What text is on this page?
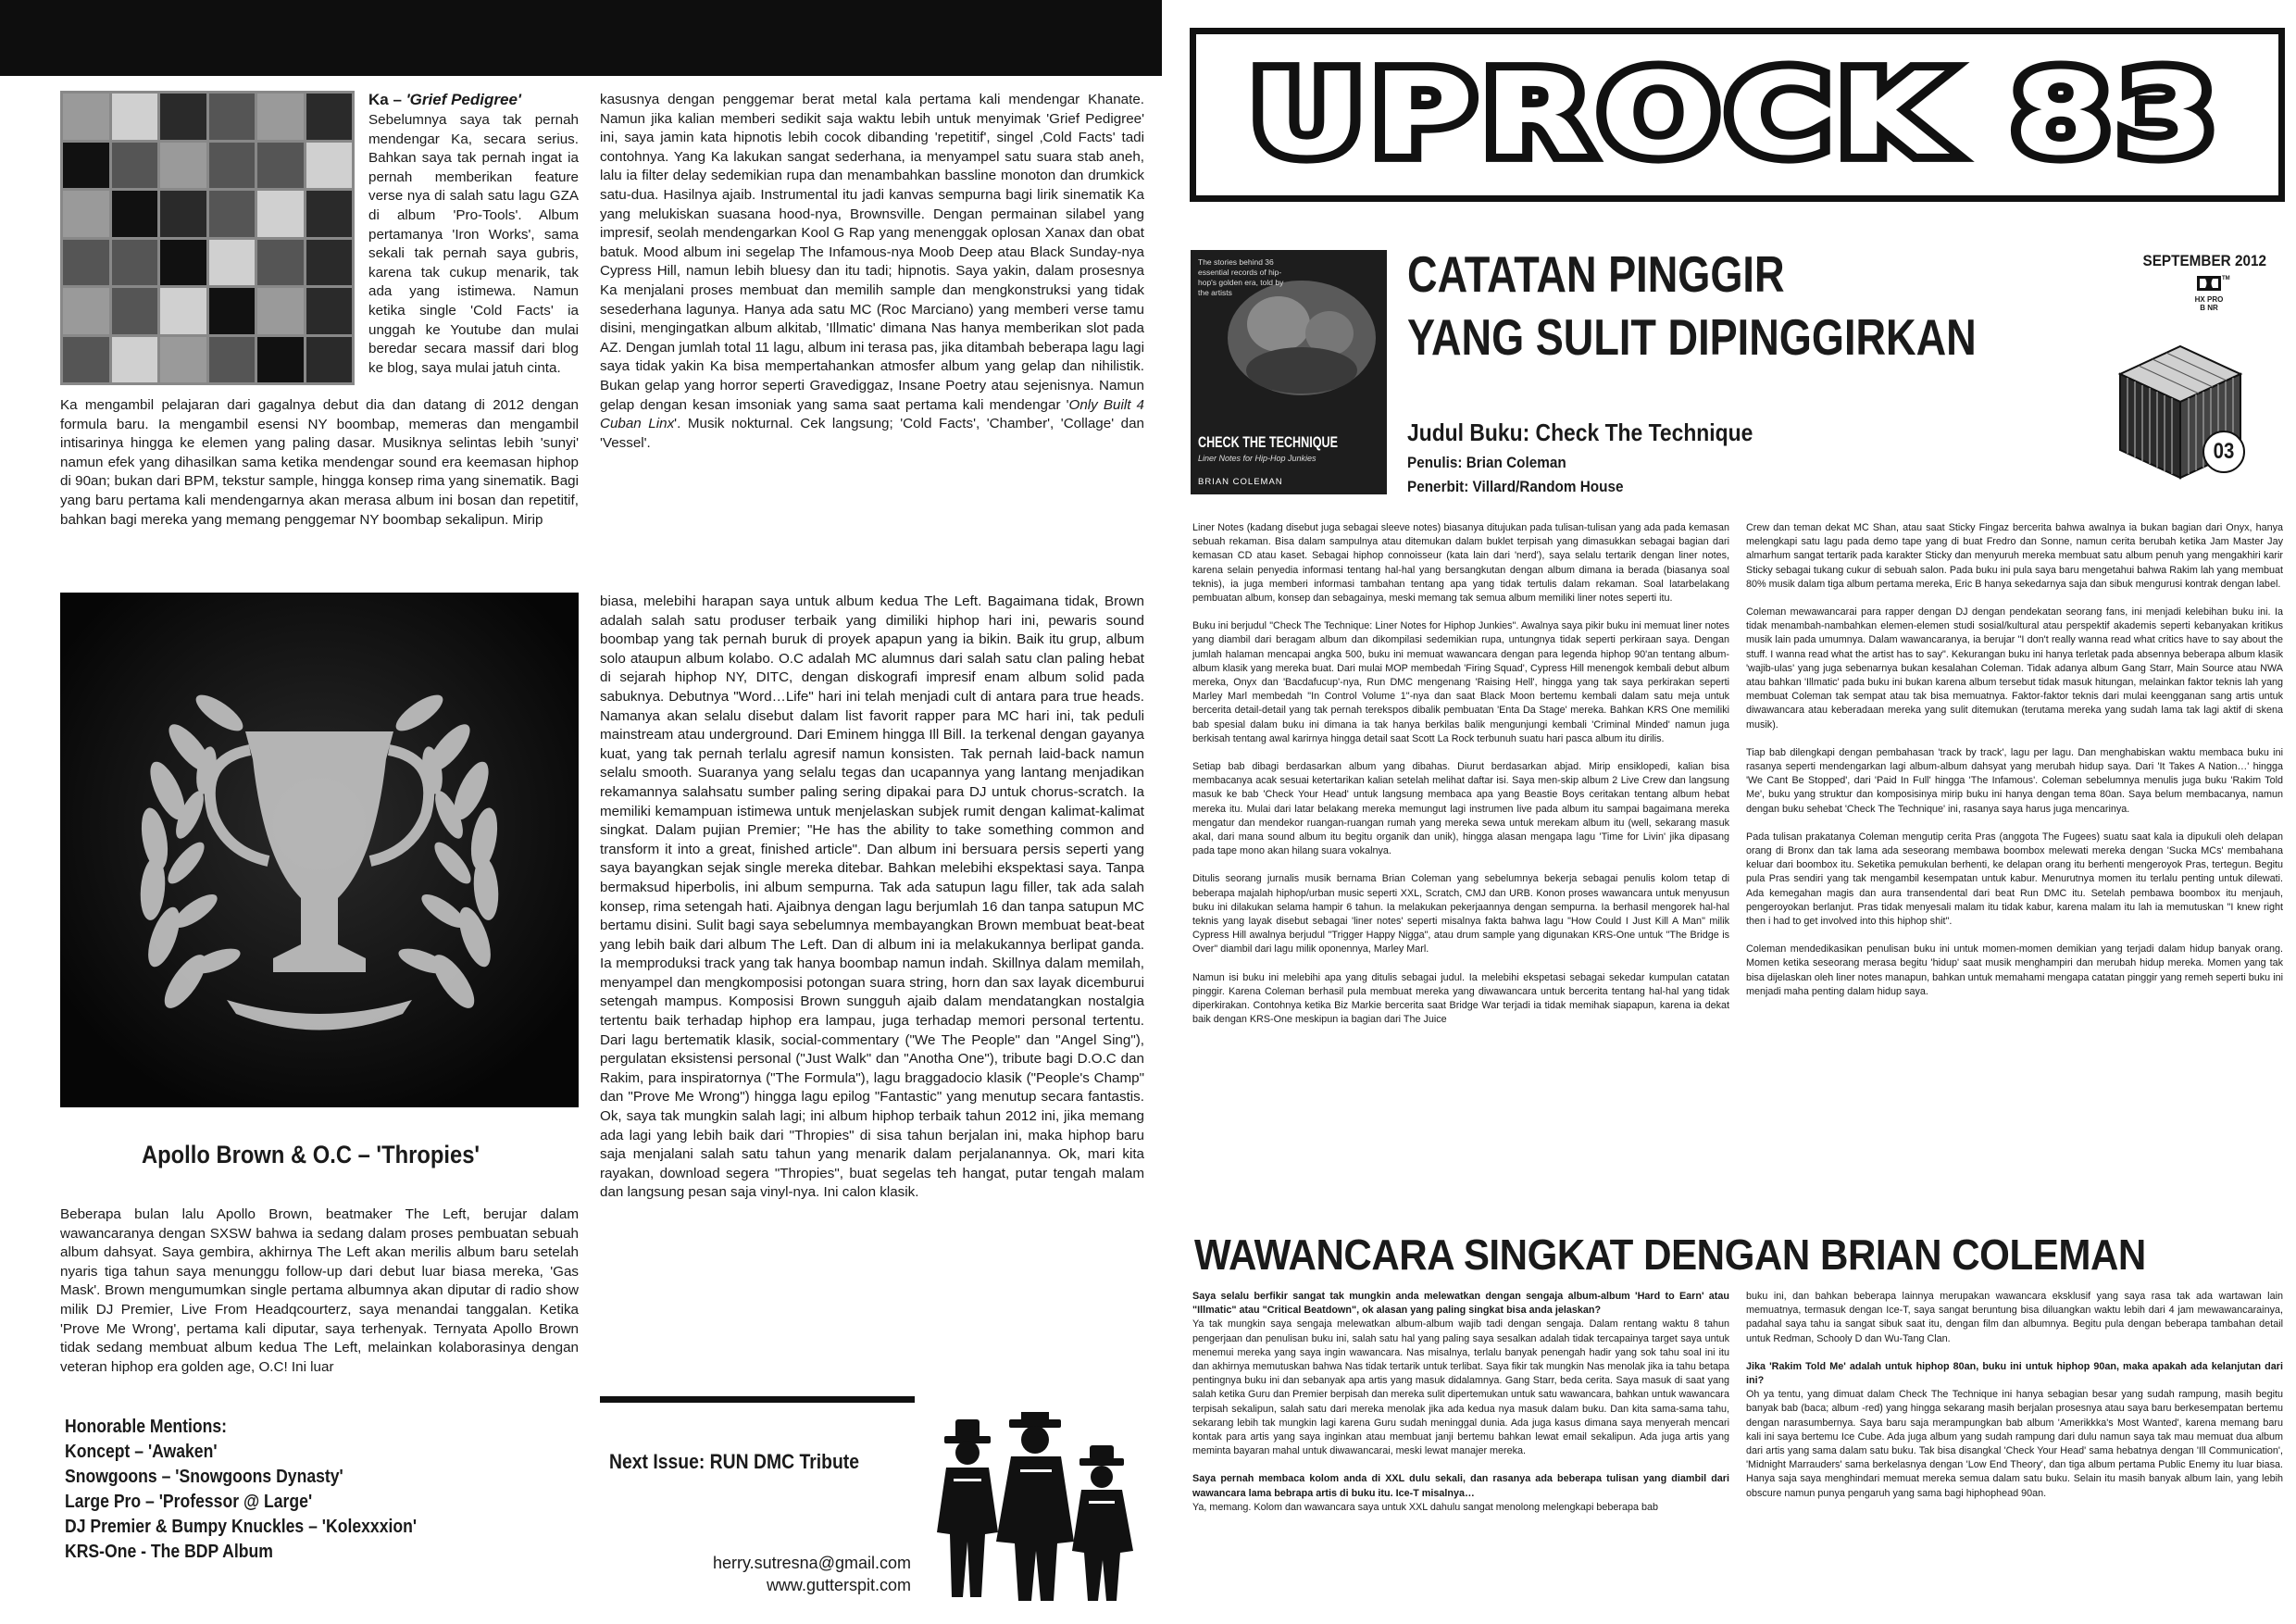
Ka – 'Grief Pedigree'

Sebelumnya saya tak pernah mendengar Ka, secara serius. Bahkan saya tak pernah ingat ia pernah memberikan feature verse nya di salah satu lagu GZA di album 'Pro-Tools'. Album pertamanya 'Iron Works', sama sekali tak pernah saya gubris, karena tak cukup menarik, tak ada yang istimewa. Namun ketika single 'Cold Facts' ia unggah ke Youtube dan mulai beredar secara massif dari blog ke blog, saya mulai jatuh cinta.

Ka mengambil pelajaran dari gagalnya debut dia dan datang di 2012 dengan formula baru. Ia mengambil esensi NY boombap, memeras dan mengambil intisarinya hingga ke elemen yang paling dasar. Musiknya selintas lebih 'sunyi' namun efek yang dihasilkan sama ketika mendengar sound era keemasan hiphop di 90an; bukan dari BPM, tekstur sample, hingga konsep rima yang sinematik. Bagi yang baru pertama kali mendengarnya akan merasa album ini bosan dan repetitif, bahkan bagi mereka yang memang penggemar NY boombap sekalipun. Mirip

kasusnya dengan penggemar berat metal kala pertama kali mendengar Khanate. Namun jika kalian memberi sedikit saja waktu lebih untuk menyimak 'Grief Pedigree' ini, saya jamin kata hipnotis lebih cocok dibanding 'repetitif', singel ‚Cold Facts' tadi contohnya. Yang Ka lakukan sangat sederhana, ia menyampel satu suara stab aneh, lalu ia filter delay sedemikian rupa dan menambahkan bassline monoton dan drumkick satu-dua. Hasilnya ajaib. Instrumental itu jadi kanvas sempurna bagi lirik sinematik Ka yang melukiskan suasana hood-nya, Brownsville. Dengan permainan silabel yang impresif, seolah mendengarkan Kool G Rap yang menenggak oplosan Xanax dan obat batuk. Mood album ini segelap The Infamous-nya Moob Deep atau Black Sunday-nya Cypress Hill, namun lebih bluesy dan itu tadi; hipnotis. Saya yakin, dalam prosesnya Ka menjalani proses membuat dan memilih sample dan mengkonstruksi yang tidak sesederhana lagunya. Hanya ada satu MC (Roc Marciano) yang memberi verse tamu disini, mengingatkan album alkitab, 'Illmatic' dimana Nas hanya memberikan slot pada AZ. Dengan jumlah total 11 lagu, album ini terasa pas, jika ditambah beberapa lagu lagi saya tidak yakin Ka bisa mempertahankan atmosfer album yang gelap dan nihilistik. Bukan gelap yang horror seperti Gravediggaz, Insane Poetry atau sejenisnya. Namun gelap dengan kesan imsoniak yang sama saat pertama kali mendengar 'Only Built 4 Cuban Linx'. Musik nokturnal. Cek langsung; 'Cold Facts', 'Chamber', 'Collage' dan 'Vessel'.

Apollo Brown & O.C – 'Thropies'

Beberapa bulan lalu Apollo Brown, beatmaker The Left, berujar dalam wawancaranya dengan SXSW bahwa ia sedang dalam proses pembuatan sebuah album dahsyat. Saya gembira, akhirnya The Left akan merilis album baru setelah nyaris tiga tahun saya menunggu follow-up dari debut luar biasa mereka, 'Gas Mask'. Brown mengumumkan single pertama albumnya akan diputar di radio show milik DJ Premier, Live From Headqcourterz, saya menandai tanggalan. Ketika 'Prove Me Wrong', pertama kali diputar, saya terhenyak. Ternyata Apollo Brown tidak sedang membuat album kedua The Left, melainkan kolaborasinya dengan veteran hiphop era golden age, O.C! Ini luar

biasa, melebihi harapan saya untuk album kedua The Left. Bagaimana tidak, Brown adalah salah satu produser terbaik yang dimiliki hiphop hari ini, pewaris sound boombap yang tak pernah buruk di proyek apapun yang ia bikin. Baik itu grup, album solo ataupun album kolabo. O.C adalah MC alumnus dari salah satu clan paling hebat di sejarah hiphop NY, DITC, dengan diskografi impresif enam album solid pada sabuknya. Debutnya "Word…Life" hari ini telah menjadi cult di antara para true heads. Namanya akan selalu disebut dalam list favorit rapper para MC hari ini, tak peduli mainstream atau underground. Dari Eminem hingga Ill Bill. Ia terkenal dengan gayanya kuat, yang tak pernah terlalu agresif namun konsisten. Tak pernah laid-back namun selalu smooth. Suaranya yang selalu tegas dan ucapannya yang lantang menjadikan rekamannya salahsatu sumber paling sering dipakai para DJ untuk chorus-scratch. Ia memiliki kemampuan istimewa untuk menjelaskan subjek rumit dengan kalimat-kalimat singkat. Dalam pujian Premier; "He has the ability to take something common and transform it into a great, finished article". Dan album ini bersuara persis seperti yang saya bayangkan sejak single mereka ditebar. Bahkan melebihi ekspektasi saya. Tanpa bermaksud hiperbolis, ini album sempurna. Tak ada satupun lagu filler, tak ada salah konsep, rima setengah hati. Ajaibnya dengan lagu berjumlah 16 dan tanpa satupun MC bertamu disini. Sulit bagi saya sebelumnya membayangkan Brown membuat beat-beat yang lebih baik dari album The Left. Dan di album ini ia melakukannya berlipat ganda. Ia memproduksi track yang tak hanya boombap namun indah. Skillnya dalam memilah, menyampel dan mengkomposisi potongan suara string, horn dan sax layak dicemburui setengah mampus. Komposisi Brown sungguh ajaib dalam mendatangkan nostalgia tertentu baik terhadap hiphop era lampau, juga terhadap memori personal tertentu. Dari lagu bertematik klasik, social-commentary ("We The People" dan "Angel Sing"), pergulatan eksistensi personal ("Just Walk" dan "Anotha One"), tribute bagi D.O.C dan Rakim, para inspiratornya ("The Formula"), lagu braggadocio klasik ("People's Champ" dan "Prove Me Wrong") hingga lagu epilog "Fantastic" yang menutup secara fantastis. Ok, saya tak mungkin salah lagi; ini album hiphop terbaik tahun 2012 ini, jika memang ada lagi yang lebih baik dari "Thropies" di sisa tahun berjalan ini, maka hiphop baru saja menjalani salah satu tahun yang menarik dalam perjalanannya. Ok, mari kita rayakan, download segera "Thropies", buat segelas teh hangat, putar tengah malam dan langsung pesan saja vinyl-nya. Ini calon klasik.

Honorable Mentions:
Koncept – 'Awaken'
Snowgoons – 'Snowgoons Dynasty'
Large Pro – 'Professor @ Large'
DJ Premier & Bumpy Knuckles – 'Kolexxxion'
KRS-One - The BDP Album
Next Issue: RUN DMC Tribute
herry.sutresna@gmail.com
www.gutterspit.com
UPROCK 83
The stories behind 36 essential records of hip-hop's golden era, told by the artists
CHECK THE TECHNIQUE
Liner Notes for Hip-Hop Junkies
BRIAN COLEMAN
CATATAN PINGGIR
YANG SULIT DIPINGGIRKAN
Judul Buku: Check The Technique
Penulis: Brian Coleman
Penerbit: Villard/Random House
SEPTEMBER 2012
HX PRO
B NR
TM
03

Liner Notes (kadang disebut juga sebagai sleeve notes) biasanya ditujukan pada tulisan-tulisan yang ada pada kemasan sebuah rekaman. Bisa dalam sampulnya atau ditemukan dalam buklet terpisah yang dimasukkan sebagai bagian dari kemasan CD atau kaset. Sebagai hiphop connoisseur (kata lain dari 'nerd'), saya selalu tertarik dengan liner notes, karena selain penyedia informasi tentang hal-hal yang bersangkutan dengan album dimana ia berada (biasanya soal teknis), ia juga memberi informasi tambahan tentang apa yang tidak tertulis dalam rekaman. Soal latarbelakang pembuatan album, konsep dan sebagainya, meski memang tak semua album memiliki liner notes seperti itu.

Buku ini berjudul "Check The Technique: Liner Notes for Hiphop Junkies". Awalnya saya pikir buku ini memuat liner notes yang diambil dari beragam album dan dikompilasi sedemikian rupa, untungnya tidak seperti perkiraan saya. Dengan jumlah halaman mencapai angka 500, buku ini memuat wawancara dengan para legenda hiphop 90'an tentang album-album klasik yang mereka buat. Dari mulai MOP membedah 'Firing Squad', Cypress Hill menengok kembali debut album mereka, Onyx dan 'Bacdafucup'-nya, Run DMC mengenang 'Raising Hell', hingga yang tak saya perkirakan seperti Marley Marl membedah "In Control Volume 1"-nya dan saat Black Moon bertemu kembali dalam satu meja untuk bercerita detail-detail yang tak pernah terekspos dibalik pembuatan 'Enta Da Stage' mereka. Bahkan KRS One memiliki bab spesial dalam buku ini dimana ia tak hanya berkilas balik mengunjungi kembali 'Criminal Minded' namun juga berkisah tentang awal karirnya hingga detail saat Scott La Rock terbunuh suatu hari pasca album itu dirilis.

Setiap bab dibagi berdasarkan album yang dibahas. Diurut berdasarkan abjad. Mirip ensiklopedi, kalian bisa membacanya acak sesuai ketertarikan kalian setelah melihat daftar isi. Saya men-skip album 2 Live Crew dan langsung masuk ke bab 'Check Your Head' untuk langsung membaca apa yang Beastie Boys ceritakan tentang album hebat mereka itu. Mulai dari latar belakang mereka memungut lagi instrumen live pada album itu sampai bagaimana mereka mengatur dan mendekor ruangan-ruangan rumah yang mereka sewa untuk merekam album itu (well, sekarang masuk akal, dari mana sound album itu begitu organik dan unik), hingga alasan mengapa lagu 'Time for Livin' jika dipasang pada tape mono akan hilang suara vokalnya.

Ditulis seorang jurnalis musik bernama Brian Coleman yang sebelumnya bekerja sebagai penulis kolom tetap di beberapa majalah hiphop/urban music seperti XXL, Scratch, CMJ dan URB. Konon proses wawancara untuk menyusun buku ini dilakukan selama hampir 6 tahun. Ia melakukan pekerjaannya dengan sempurna. Ia berhasil mengorek hal-hal teknis yang layak disebut sebagai 'liner notes' seperti misalnya fakta bahwa lagu "How Could I Just Kill A Man" milik Cypress Hill awalnya berjudul "Trigger Happy Nigga", atau drum sample yang digunakan KRS-One untuk "The Bridge is Over" diambil dari lagu milik oponennya, Marley Marl.

Namun isi buku ini melebihi apa yang ditulis sebagai judul. Ia melebihi ekspetasi sebagai sekedar kumpulan catatan pinggir. Karena Coleman berhasil pula membuat mereka yang diwawancara untuk bercerita tentang hal-hal yang tidak diperkirakan. Contohnya ketika Biz Markie bercerita saat Bridge War terjadi ia tidak memihak siapapun, karena ia dekat baik dengan KRS-One meskipun ia bagian dari The Juice

Crew dan teman dekat MC Shan, atau saat Sticky Fingaz bercerita bahwa awalnya ia bukan bagian dari Onyx, hanya melengkapi satu lagu pada demo tape yang di buat Fredro dan Sonne, namun cerita berubah ketika Jam Master Jay almarhum sangat tertarik pada karakter Sticky dan menyuruh mereka membuat satu album penuh yang mengakhiri karir Sticky sebagai tukang cukur di sebuah salon. Pada buku ini pula saya baru mengetahui bahwa Rakim lah yang membuat 80% musik dalam tiga album pertama mereka, Eric B hanya sekedarnya saja dan sibuk mengurusi kontrak dengan label.

Coleman mewawancarai para rapper dengan DJ dengan pendekatan seorang fans, ini menjadi kelebihan buku ini. Ia tidak menambah-nambahkan elemen-elemen studi sosial/kultural atau perspektif akademis seperti kebanyakan kritikus musik lain pada umumnya. Dalam wawancaranya, ia berujar "I don't really wanna read what critics have to say about the stuff. I wanna read what the artist has to say". Kekurangan buku ini hanya terletak pada absennya beberapa album klasik 'wajib-ulas' yang juga sebenarnya bukan kesalahan Coleman. Tidak adanya album Gang Starr, Main Source atau NWA atau bahkan 'Illmatic' pada buku ini bukan karena album tersebut tidak masuk hitungan, melainkan faktor teknis lah yang membuat Coleman tak sempat atau tak bisa memuatnya. Faktor-faktor teknis dari mulai keengganan sang artis untuk diwawancara atau keberadaan mereka yang sulit ditemukan (terutama mereka yang sudah lama tak lagi aktif di skena musik).

Tiap bab dilengkapi dengan pembahasan 'track by track', lagu per lagu. Dan menghabiskan waktu membaca buku ini rasanya seperti mendengarkan lagi album-album dahsyat yang merubah hidup saya. Dari 'It Takes A Nation…' hingga 'We Cant Be Stopped', dari 'Paid In Full' hingga 'The Infamous'. Coleman sebelumnya menulis juga buku 'Rakim Told Me', buku yang struktur dan komposisinya mirip buku ini hanya dengan tema 80an. Saya belum membacanya, namun dengan buku sehebat 'Check The Technique' ini, rasanya saya harus juga mencarinya.

Pada tulisan prakatanya Coleman mengutip cerita Pras (anggota The Fugees) suatu saat kala ia dipukuli oleh delapan orang di Bronx dan tak lama ada seseorang membawa boombox melewati mereka dengan 'Sucka MCs' membahana keluar dari boombox itu. Seketika pemukulan berhenti, ke delapan orang itu berhenti mengeroyok Pras, tertegun. Begitu pula Pras sendiri yang tak mengambil kesempatan untuk kabur. Menurutnya momen itu terlalu penting untuk dilewati. Ada kemegahan magis dan aura transendental dari beat Run DMC itu. Setelah pembawa boombox itu menjauh, pengeroyokan berlanjut. Pras tidak menyesali malam itu tidak kabur, karena malam itu lah ia memutuskan "I knew right then i had to get involved into this hiphop shit".

Coleman mendedikasikan penulisan buku ini untuk momen-momen demikian yang terjadi dalam hidup banyak orang. Momen ketika seseorang merasa begitu 'hidup' saat musik menghampiri dan merubah hidup mereka. Momen yang tak bisa dijelaskan oleh liner notes manapun, bahkan untuk memahami mengapa catatan pinggir yang remeh seperti buku ini menjadi maha penting dalam hidup saya.

WAWANCARA SINGKAT DENGAN BRIAN COLEMAN

Saya selalu berfikir sangat tak mungkin anda melewatkan dengan sengaja album-album 'Hard to Earn' atau "Illmatic" atau "Critical Beatdown", ok alasan yang paling singkat bisa anda jelaskan?

Ya tak mungkin saya sengaja melewatkan album-album wajib tadi dengan sengaja. Dalam rentang waktu 8 tahun pengerjaan dan penulisan buku ini, salah satu hal yang paling saya sesalkan adalah tidak tercapainya target saya untuk menemui mereka yang saya ingin wawancara. Nas misalnya, terlalu banyak penengah hadir yang sok tahu soal ini itu dan akhirnya memutuskan bahwa Nas tidak tertarik untuk terlibat. Saya fikir tak mungkin Nas menolak jika ia tahu betapa pentingnya buku ini dan sebanyak apa artis yang masuk didalamnya. Gang Starr, beda cerita. Saya masuk di saat yang salah ketika Guru dan Premier berpisah dan mereka sulit dipertemukan untuk satu wawancara, bahkan untuk wawancara terpisah sekalipun, salah satu dari mereka menolak jika ada kedua nya masuk dalam buku. Dan kita sama-sama tahu, sekarang lebih tak mungkin lagi karena Guru sudah meninggal dunia. Ada juga kasus dimana saya menyerah mencari kontak para artis yang saya inginkan atau membuat janji bertemu bahkan lewat email sekalipun. Ada juga artis yang meminta bayaran mahal untuk diwawancarai, meski lewat manajer mereka.

Saya pernah membaca kolom anda di XXL dulu sekali, dan rasanya ada beberapa tulisan yang diambil dari wawancara lama bebrapa artis di buku itu. Ice-T misalnya…

Ya, memang. Kolom dan wawancara saya untuk XXL dahulu sangat menolong melengkapi beberapa bab

buku ini, dan bahkan beberapa lainnya merupakan wawancara eksklusif yang saya rasa tak ada wartawan lain memuatnya, termasuk dengan Ice-T, saya sangat beruntung bisa diluangkan waktu lebih dari 4 jam mewawancarainya, padahal saya tahu ia sangat sibuk saat itu, dengan film dan albumnya. Begitu pula dengan beberapa tambahan detail untuk Redman, Schooly D dan Wu-Tang Clan.

Jika 'Rakim Told Me' adalah untuk hiphop 80an, buku ini untuk hiphop 90an, maka apakah ada kelanjutan dari ini?

Oh ya tentu, yang dimuat dalam Check The Technique ini hanya sebagian besar yang sudah rampung, masih begitu banyak bab (baca; album -red) yang hingga sekarang masih berjalan prosesnya atau saya baru berkesempatan bertemu dengan narasumbernya. Saya baru saja merampungkan bab album 'Amerikkka's Most Wanted', karena memang baru kali ini saya bertemu Ice Cube. Ada juga album yang sudah rampung dari dulu namun saya tak mau memuat dua album dari artis yang sama dalam satu buku. Tak bisa disangkal 'Check Your Head' sama hebatnya dengan 'Ill Communication', 'Midnight Marrauders' sama berkelasnya dengan 'Low End Theory', dan tiga album pertama Public Enemy itu luar biasa. Hanya saja saya menghindari memuat mereka semua dalam satu buku. Selain itu masih banyak album lain, yang lebih obscure namun punya pengaruh yang sama bagi hiphophead 90an.
